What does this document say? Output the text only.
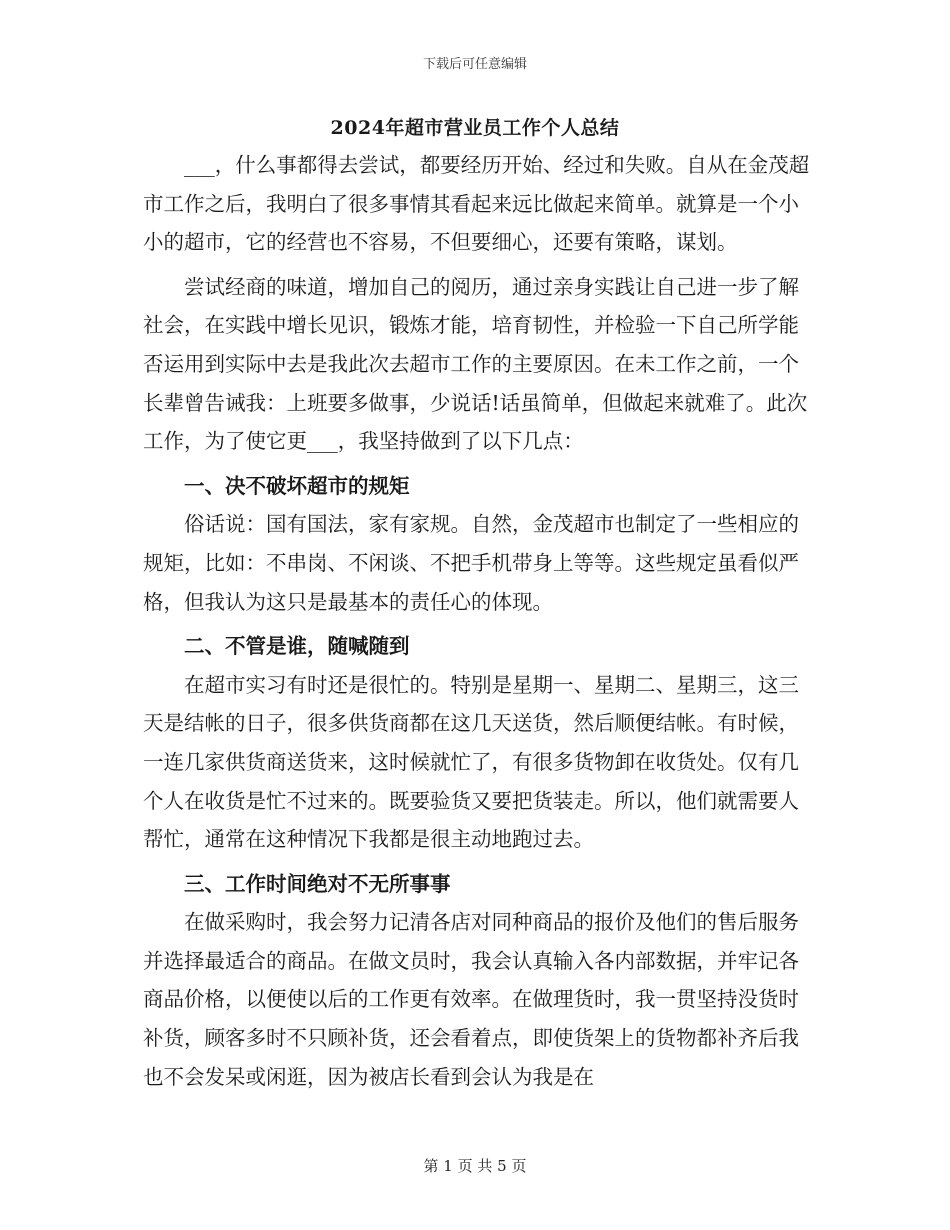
下载后可任意编辑
2024年超市营业员工作个人总结

___，什么事都得去尝试，都要经历开始、经过和失败。自从在金茂超市工作之后，我明白了很多事情其看起来远比做起来简单。就算是一个小小的超市，它的经营也不容易，不但要细心，还要有策略，谋划。

尝试经商的味道，增加自己的阅历，通过亲身实践让自己进一步了解社会，在实践中增长见识，锻炼才能，培育韧性，并检验一下自己所学能否运用到实际中去是我此次去超市工作的主要原因。在未工作之前，一个长辈曾告诫我：上班要多做事，少说话!话虽简单，但做起来就难了。此次工作，为了使它更___，我坚持做到了以下几点：

一、决不破坏超市的规矩

俗话说：国有国法，家有家规。自然，金茂超市也制定了一些相应的规矩，比如：不串岗、不闲谈、不把手机带身上等等。这些规定虽看似严格，但我认为这只是最基本的责任心的体现。

二、不管是谁，随喊随到

在超市实习有时还是很忙的。特别是星期一、星期二、星期三，这三天是结帐的日子，很多供货商都在这几天送货，然后顺便结帐。有时候，一连几家供货商送货来，这时候就忙了，有很多货物卸在收货处。仅有几个人在收货是忙不过来的。既要验货又要把货装走。所以，他们就需要人帮忙，通常在这种情况下我都是很主动地跑过去。

三、工作时间绝对不无所事事

在做采购时，我会努力记清各店对同种商品的报价及他们的售后服务并选择最适合的商品。在做文员时，我会认真输入各内部数据，并牢记各商品价格，以便使以后的工作更有效率。在做理货时，我一贯坚持没货时补货，顾客多时不只顾补货，还会看着点，即使货架上的货物都补齐后我也不会发呆或闲逛，因为被店长看到会认为我是在

第 1 页 共 5 页
